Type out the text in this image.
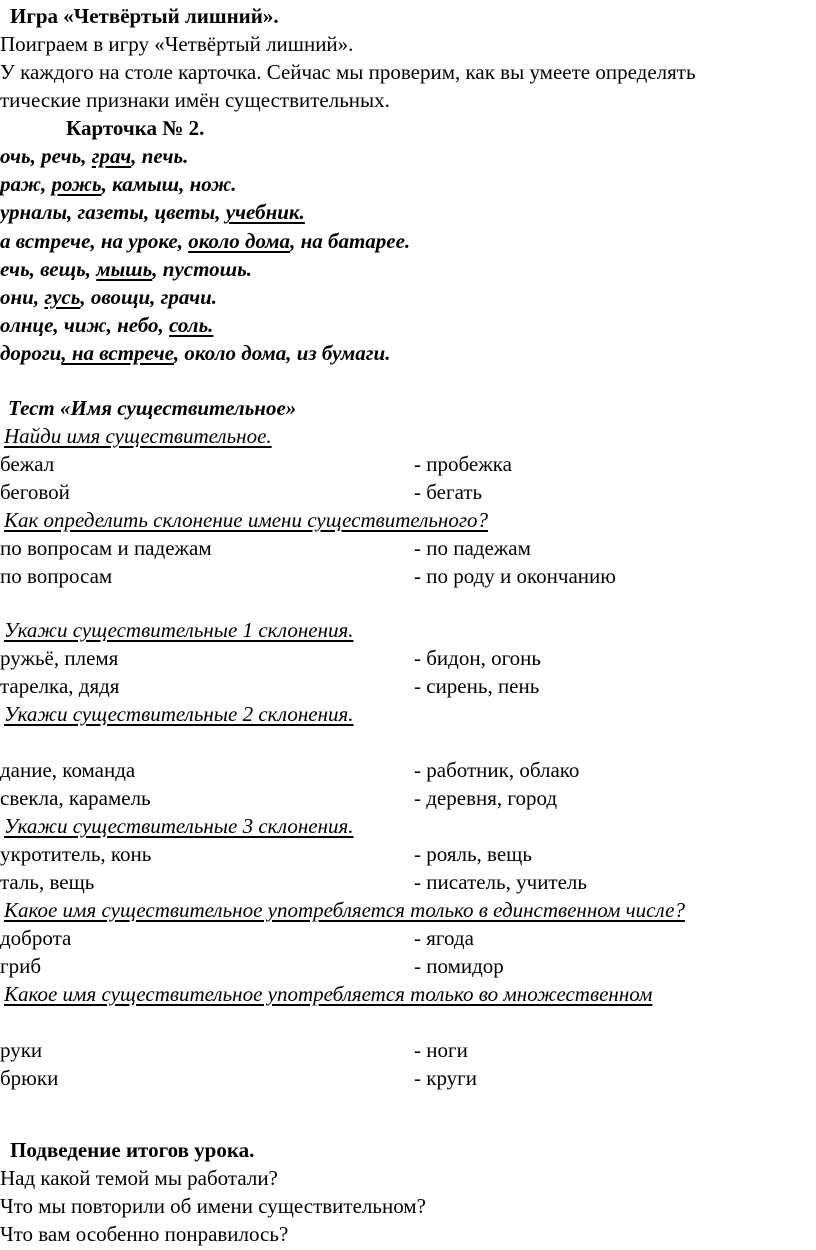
Игра «Четвёртый лишний».
Поиграем в игру «Четвёртый лишний».
У каждого на столе карточка. Сейчас мы проверим, как вы умеете определять
тические признаки имён существительных.
Карточка № 2.
очь, речь, грач, печь.
раж, рожь, камыш, нож.
урналы, газеты, цветы, учебник.
а встрече, на уроке, около дома, на батарее.
ечь, вещь, мышь, пустошь.
они, гусь, овощи, грачи.
олнце, чиж, небо, соль.
дороги, на встрече, около дома, из бумаги.
Тест «Имя существительное»
Найди имя существительное.
бежал	- пробежка
беговой	- бегать
Как определить склонение имени существительного?
по вопросам и падежам	- по падежам
по вопросам	- по роду и окончанию
Укажи существительные 1 склонения.
ружьё, племя	- бидон, огонь
тарелка, дядя	- сирень, пень
Укажи существительные 2 склонения.
дание, команда	- работник, облако
свекла, карамель	- деревня, город
Укажи существительные 3 склонения.
укротитель, конь	- рояль, вещь
таль, вещь	- писатель, учитель
Какое имя существительное употребляется только в единственном числе?
доброта	- ягода
гриб	- помидор
Какое имя существительное употребляется только во множественном
руки	- ноги
брюки	- круги
Подведение итогов урока.
Над какой темой мы работали?
Что мы повторили об имени существительном?
Что вам особенно понравилось?
